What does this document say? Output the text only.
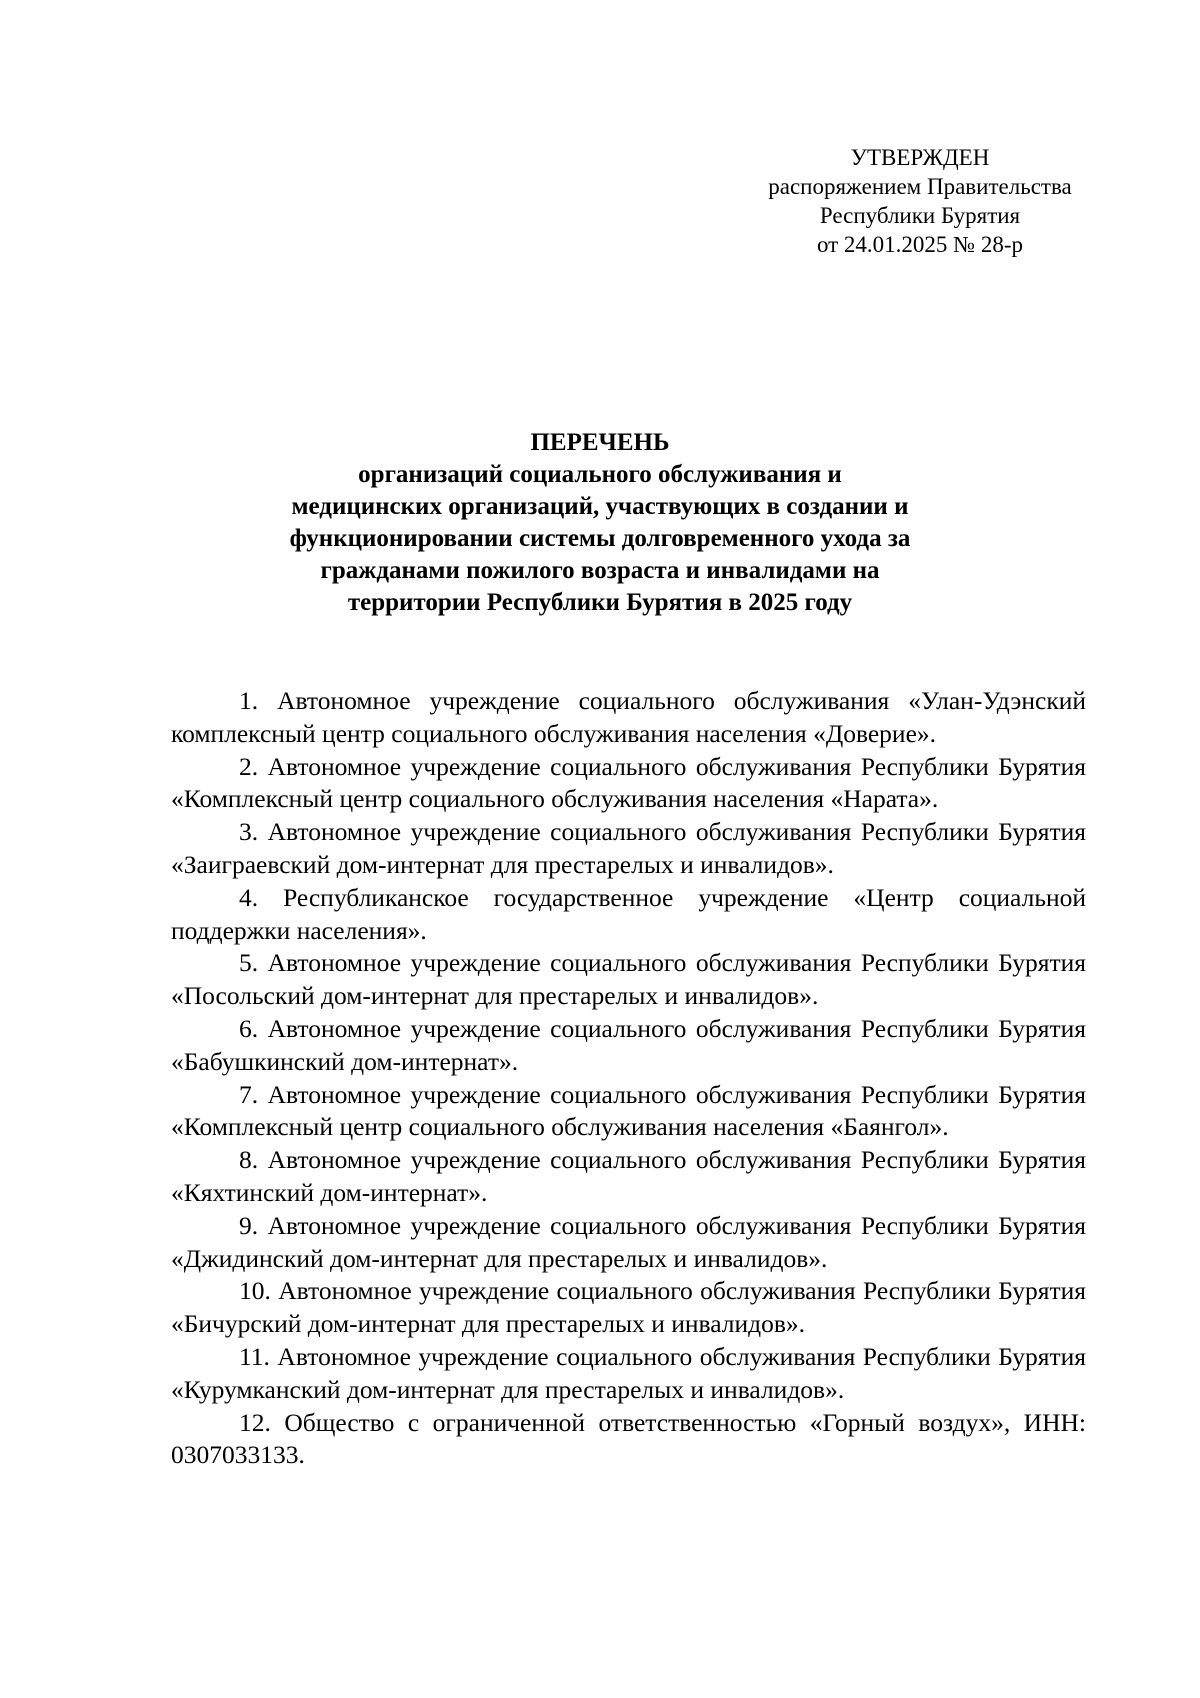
УТВЕРЖДЕН
распоряжением Правительства
Республики Бурятия
от 24.01.2025 № 28-р
ПЕРЕЧЕНЬ
организаций социального обслуживания и
медицинских организаций, участвующих в создании и
функционировании системы долговременного ухода за
гражданами пожилого возраста и инвалидами на
территории Республики Бурятия в 2025 году

1. Автономное учреждение социального обслуживания «Улан-Удэнский комплексный центр социального обслуживания населения «Доверие».

2. Автономное учреждение социального обслуживания Республики Бурятия «Комплексный центр социального обслуживания населения «Нарата».

3. Автономное учреждение социального обслуживания Республики Бурятия «Заиграевский дом-интернат для престарелых и инвалидов».

4. Республиканское государственное учреждение «Центр социальной поддержки населения».

5. Автономное учреждение социального обслуживания Республики Бурятия «Посольский дом-интернат для престарелых и инвалидов».

6. Автономное учреждение социального обслуживания Республики Бурятия «Бабушкинский дом-интернат».

7. Автономное учреждение социального обслуживания Республики Бурятия «Комплексный центр социального обслуживания населения «Баянгол».

8. Автономное учреждение социального обслуживания Республики Бурятия «Кяхтинский дом-интернат».

9. Автономное учреждение социального обслуживания Республики Бурятия «Джидинский дом-интернат для престарелых и инвалидов».

10. Автономное учреждение социального обслуживания Республики Бурятия «Бичурский дом-интернат для престарелых и инвалидов».

11. Автономное учреждение социального обслуживания Республики Бурятия «Курумканский дом-интернат для престарелых и инвалидов».

12. Общество с ограниченной ответственностью «Горный воздух», ИНН: 0307033133.
